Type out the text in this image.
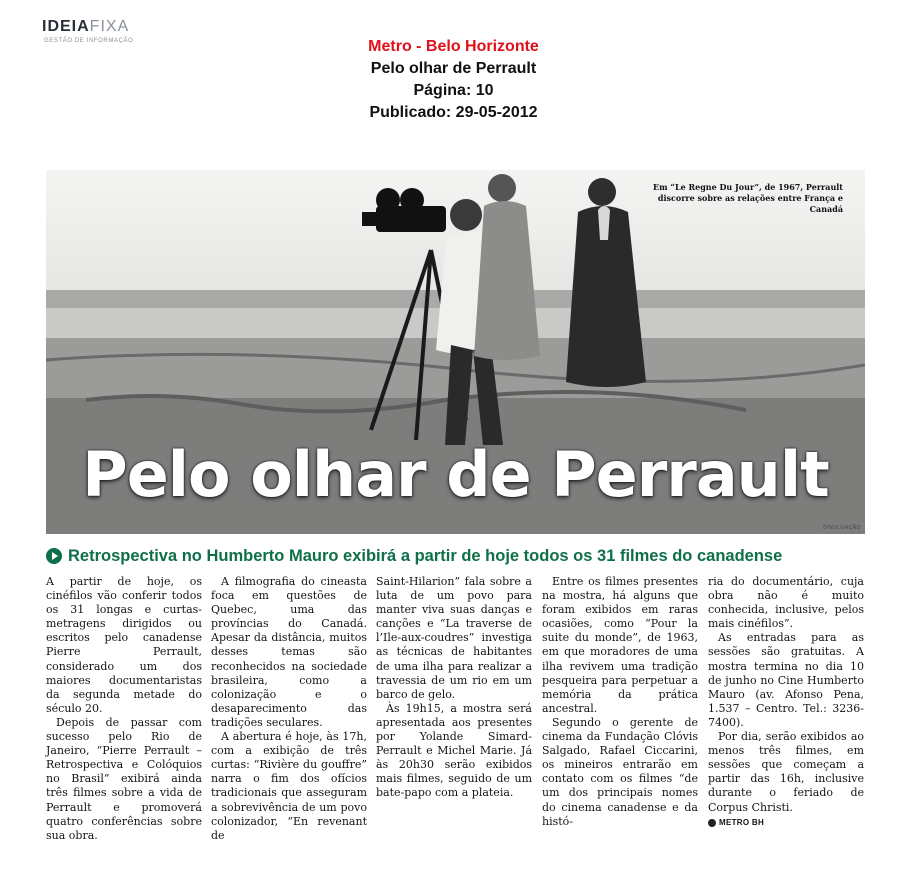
IDEIAFIXA
GESTÃO DE INFORMAÇÃO	Metro - Belo Horizonte
Pelo olhar de Perrault
Página: 10
Publicado: 29-05-2012
Em “Le Regne Du Jour”, de 1967, Perrault discorre sobre as relações entre França e Canadá
Pelo olhar de Perrault
DIVULGAÇÃO
Retrospectiva no Humberto Mauro exibirá a partir de hoje todos os 31 filmes do canadense

A partir de hoje, os cinéfilos vão conferir todos os 31 longas e curtas-metragens dirigidos ou escritos pelo canadense Pierre Perrault, considerado um dos maiores documentaristas da segunda metade do século 20.

Depois de passar com sucesso pelo Rio de Janeiro, “Pierre Perrault – Retrospectiva e Colóquios no Brasil” exibirá ainda três filmes sobre a vida de Perrault e promoverá quatro conferências sobre sua obra.

A filmografia do cineasta foca em questões de Quebec, uma das províncias do Canadá. Apesar da distância, muitos desses temas são reconhecidos na sociedade brasileira, como a colonização e o desaparecimento das tradições seculares.

A abertura é hoje, às 17h, com a exibição de três curtas: “Rivière du gouffre” narra o fim dos ofícios tradicionais que asseguram a sobrevivência de um povo colonizador, “En revenant de

Saint-Hilarion” fala sobre a luta de um povo para manter viva suas danças e canções e “La traverse de l’Ile-aux-coudres” investiga as técnicas de habitantes de uma ilha para realizar a travessia de um rio em um barco de gelo.

Às 19h15, a mostra será apresentada aos presentes por Yolande Simard-Perrault e Michel Marie. Já às 20h30 serão exibidos mais filmes, seguido de um bate-papo com a plateia.

Entre os filmes presentes na mostra, há alguns que foram exibidos em raras ocasiões, como “Pour la suite du monde”, de 1963, em que moradores de uma ilha revivem uma tradição pesqueira para perpetuar a memória da prática ancestral.

Segundo o gerente de cinema da Fundação Clóvis Salgado, Rafael Ciccarini, os mineiros entrarão em contato com os filmes “de um dos principais nomes do cinema canadense e da histó-

ria do documentário, cuja obra não é muito conhecida, inclusive, pelos mais cinéfilos”.

As entradas para as sessões são gratuitas. A mostra termina no dia 10 de junho no Cine Humberto Mauro (av. Afonso Pena, 1.537 – Centro. Tel.: 3236-7400).

Por dia, serão exibidos ao menos três filmes, em sessões que começam a partir das 16h, inclusive durante o feriado de Corpus Christi.

METRO BH
